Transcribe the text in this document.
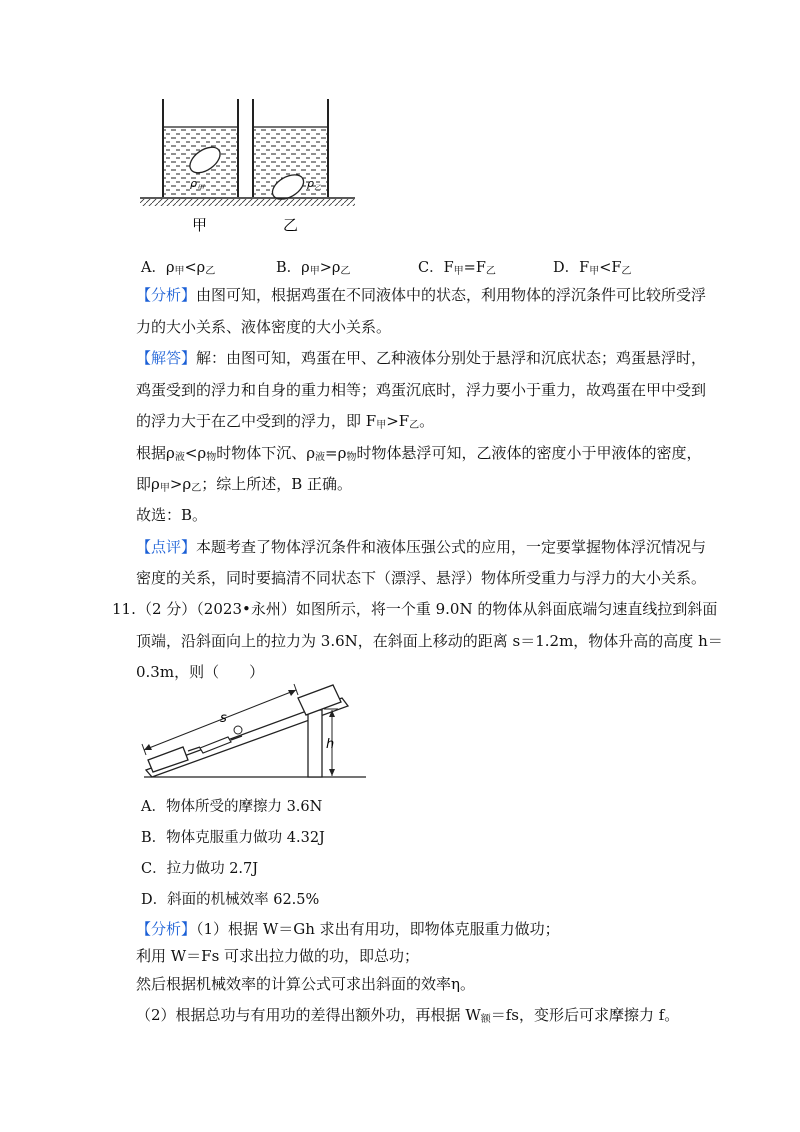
$\rho_甲$	$\rho_乙$
甲	乙
A．$\rho_甲<\rho_乙$	B．$\rho_甲>\rho_乙$	C．$F_甲=F_乙$	D．$F_甲<F_乙$
【分析】由图可知，根据鸡蛋在不同液体中的状态，利用物体的浮沉条件可比较所受浮
力的大小关系、液体密度的大小关系。
【解答】解：由图可知，鸡蛋在甲、乙种液体分别处于悬浮和沉底状态；鸡蛋悬浮时，
鸡蛋受到的浮力和自身的重力相等；鸡蛋沉底时，浮力要小于重力，故鸡蛋在甲中受到
的浮力大于在乙中受到的浮力，即 $F_甲>F_乙$。
根据$\rho_液<\rho_物$时物体下沉、$\rho_液=\rho_物$时物体悬浮可知，乙液体的密度小于甲液体的密度，
即$\rho_甲>\rho_乙$；综上所述，B 正确。
故选：B。
【点评】本题考查了物体浮沉条件和液体压强公式的应用，一定要掌握物体浮沉情况与
密度的关系，同时要搞清不同状态下（漂浮、悬浮）物体所受重力与浮力的大小关系。
11. （2 分）（2023•永州）如图所示，将一个重 9.0N 的物体从斜面底端匀速直线拉到斜面
顶端，沿斜面向上的拉力为 3.6N，在斜面上移动的距离 s＝1.2m，物体升高的高度 h＝
0.3m，则（　　）
s
h
A．物体所受的摩擦力 3.6N
B．物体克服重力做功 4.32J
C．拉力做功 2.7J
D．斜面的机械效率 62.5%
【分析】（1）根据 W＝Gh 求出有用功，即物体克服重力做功；
利用 W＝Fs 可求出拉力做的功，即总功；
然后根据机械效率的计算公式可求出斜面的效率η。
（2）根据总功与有用功的差得出额外功，再根据 $W_额=fs$，变形后可求摩擦力 f。
